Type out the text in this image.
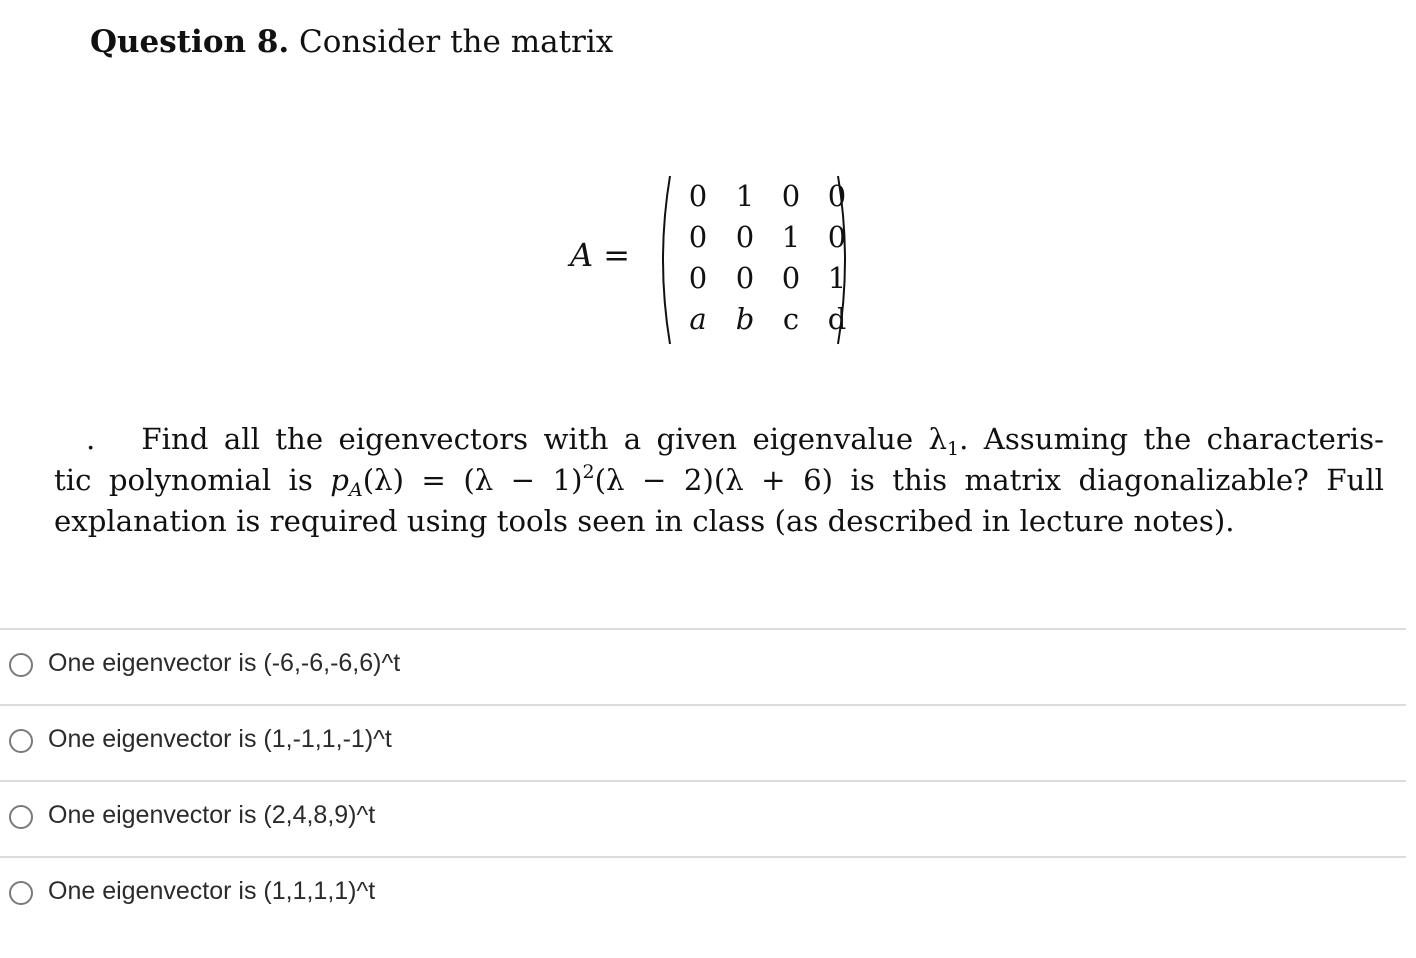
Question 8. Consider the matrix
A =
0 1 0 0
0 0 1 0
0 0 0 1
a	b c d
. Find all the eigenvectors with a given eigenvalue $\lambda_1$. Assuming the characteris-
tic polynomial is $p_A(\lambda) = (\lambda - 1)^2(\lambda - 2)(\lambda + 6)$ is this matrix diagonalizable? Full
explanation is required using tools seen in class (as described in lecture notes).
One eigenvector is (-6,-6,-6,6)^t
One eigenvector is (1,-1,1,-1)^t
One eigenvector is (2,4,8,9)^t
One eigenvector is (1,1,1,1)^t
